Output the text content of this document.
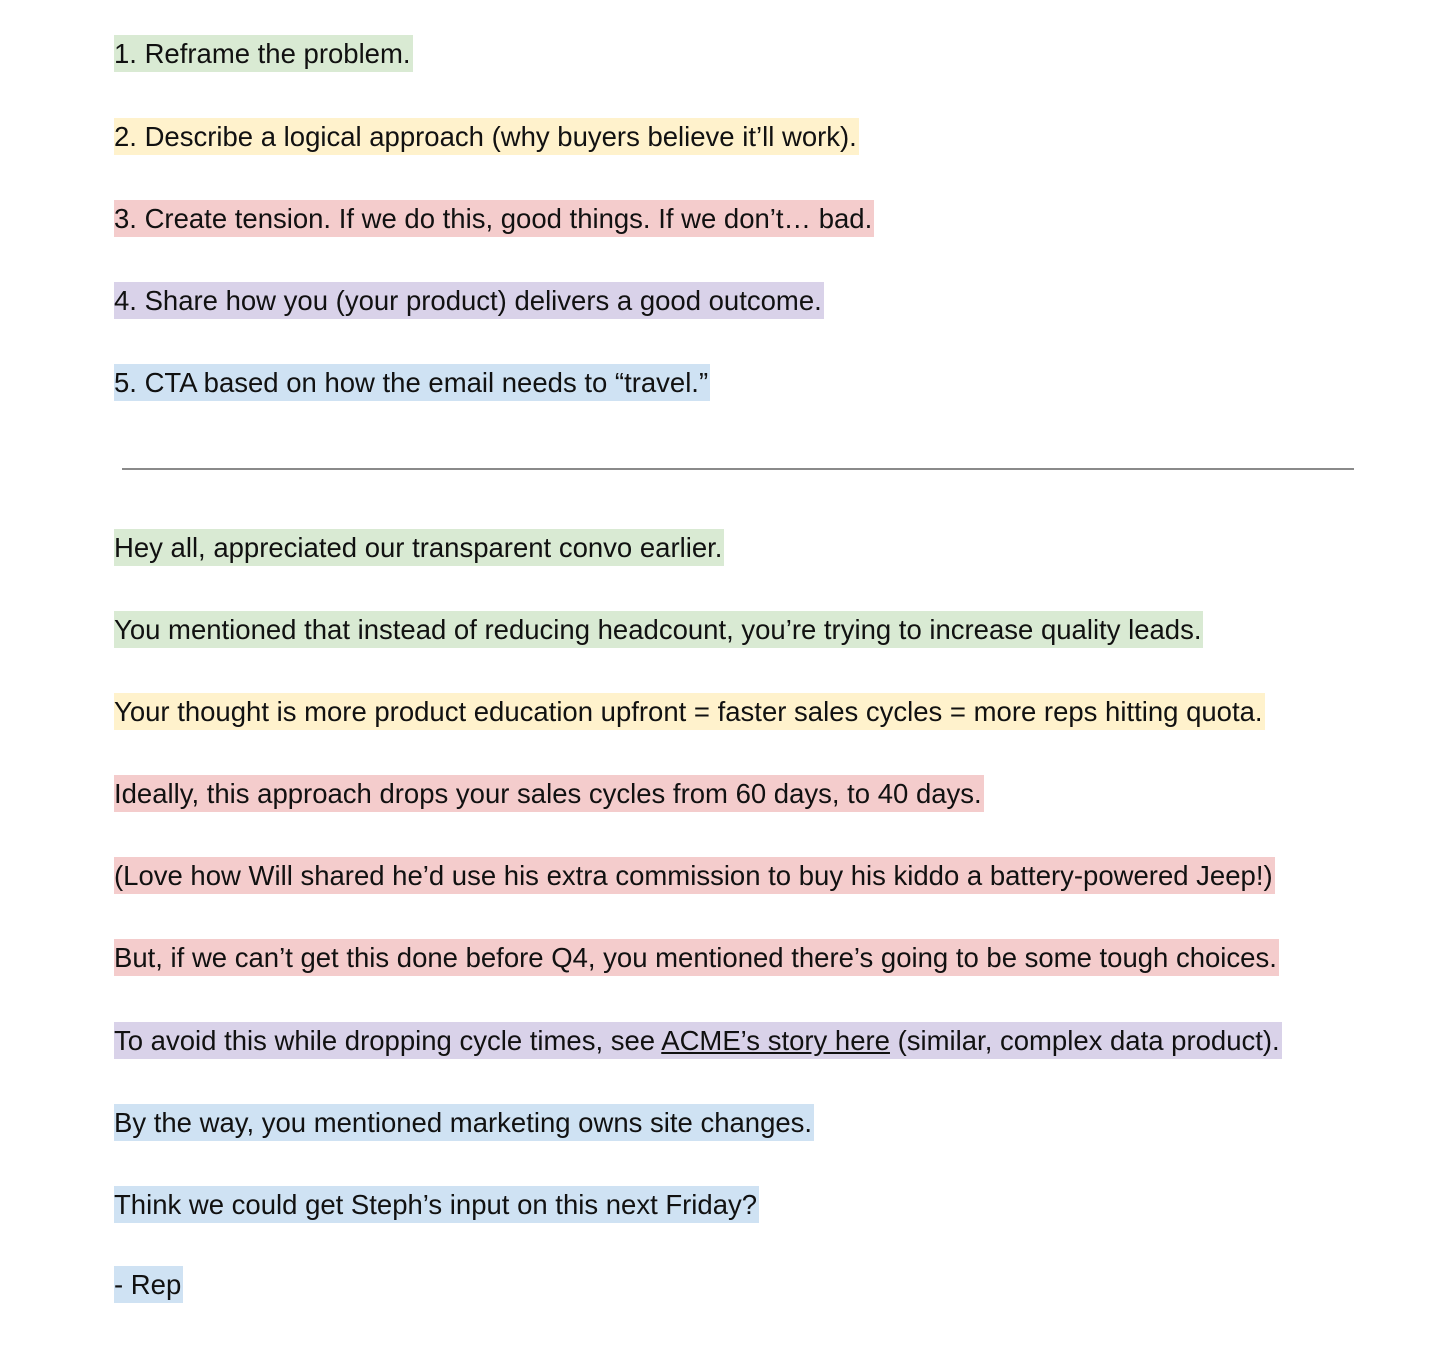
1. Reframe the problem.
2. Describe a logical approach (why buyers believe it’ll work).
3. Create tension. If we do this, good things. If we don’t… bad.
4. Share how you (your product) delivers a good outcome.
5. CTA based on how the email needs to “travel.”
Hey all, appreciated our transparent convo earlier.
You mentioned that instead of reducing headcount, you’re trying to increase quality leads.
Your thought is more product education upfront = faster sales cycles = more reps hitting quota.
Ideally, this approach drops your sales cycles from 60 days, to 40 days.
(Love how Will shared he’d use his extra commission to buy his kiddo a battery-powered Jeep!)
But, if we can’t get this done before Q4, you mentioned there’s going to be some tough choices.
To avoid this while dropping cycle times, see ACME’s story here (similar, complex data product).
By the way, you mentioned marketing owns site changes.
Think we could get Steph’s input on this next Friday?
- Rep
